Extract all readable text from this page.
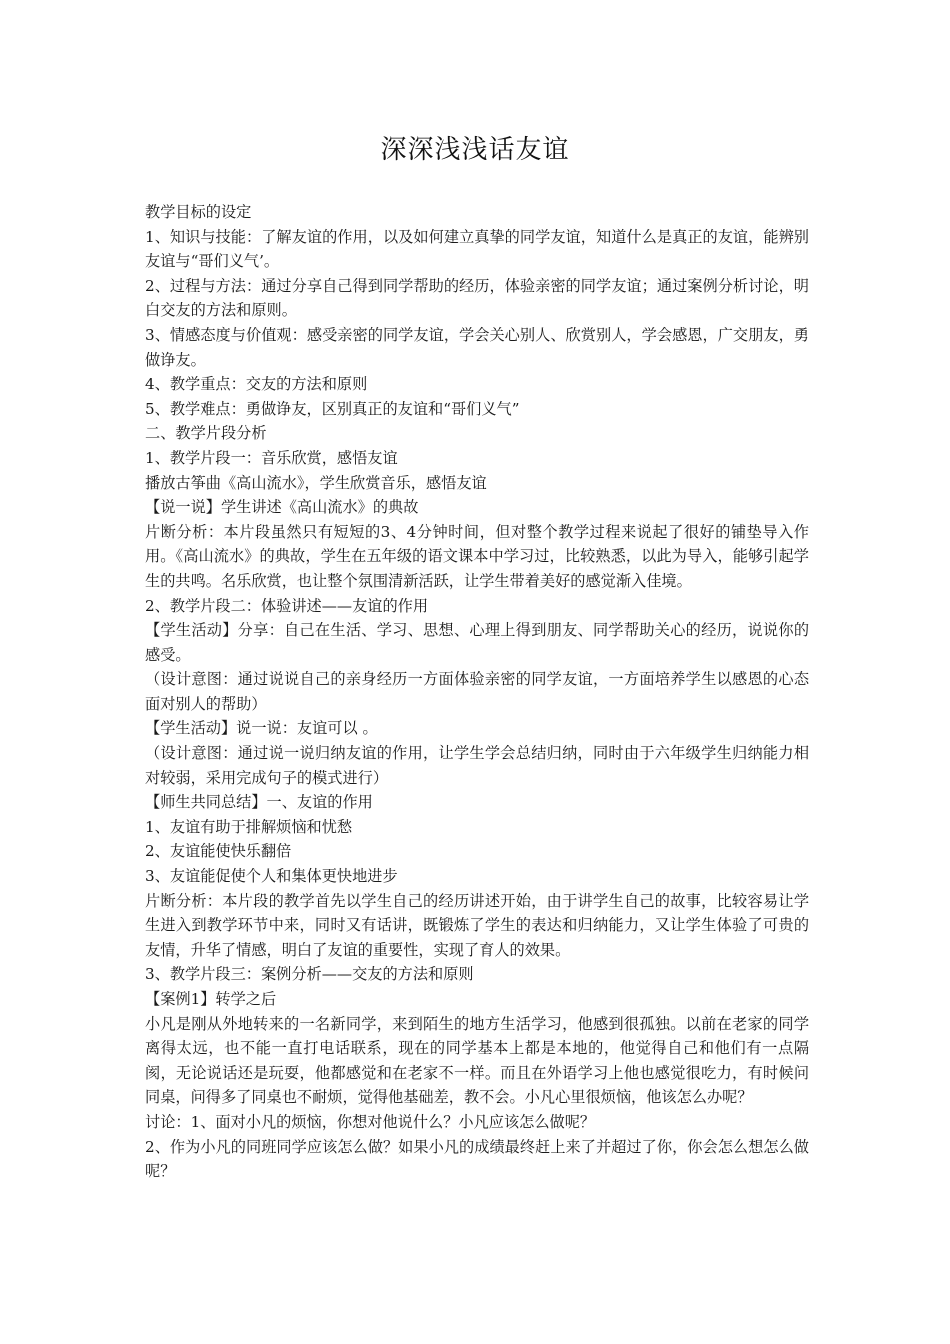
深深浅浅话友谊

教学目标的设定

1、知识与技能：了解友谊的作用，以及如何建立真挚的同学友谊，知道什么是真正的友谊，能辨别友谊与“哥们义气’。

2、过程与方法：通过分享自己得到同学帮助的经历，体验亲密的同学友谊；通过案例分析讨论，明白交友的方法和原则。

3、情感态度与价值观：感受亲密的同学友谊，学会关心别人、欣赏别人，学会感恩，广交朋友，勇做诤友。

4、教学重点：交友的方法和原则

5、教学难点：勇做诤友，区别真正的友谊和“哥们义气”

二、教学片段分析

1、教学片段一：音乐欣赏，感悟友谊

播放古筝曲《高山流水》，学生欣赏音乐，感悟友谊

【说一说】学生讲述《高山流水》的典故

片断分析：本片段虽然只有短短的3、4分钟时间，但对整个教学过程来说起了很好的铺垫导入作用。《高山流水》的典故，学生在五年级的语文课本中学习过，比较熟悉，以此为导入，能够引起学生的共鸣。名乐欣赏，也让整个氛围清新活跃，让学生带着美好的感觉渐入佳境。

2、教学片段二：体验讲述——友谊的作用

【学生活动】分享：自己在生活、学习、思想、心理上得到朋友、同学帮助关心的经历，说说你的感受。

（设计意图：通过说说自己的亲身经历一方面体验亲密的同学友谊，一方面培养学生以感恩的心态面对别人的帮助）

【学生活动】说一说：友谊可以 。

（设计意图：通过说一说归纳友谊的作用，让学生学会总结归纳，同时由于六年级学生归纳能力相对较弱，采用完成句子的模式进行）

【师生共同总结】一、友谊的作用

1、友谊有助于排解烦恼和忧愁

2、友谊能使快乐翻倍

3、友谊能促使个人和集体更快地进步

片断分析：本片段的教学首先以学生自己的经历讲述开始，由于讲学生自己的故事，比较容易让学生进入到教学环节中来，同时又有话讲，既锻炼了学生的表达和归纳能力，又让学生体验了可贵的友情，升华了情感，明白了友谊的重要性，实现了育人的效果。

3、教学片段三：案例分析——交友的方法和原则

【案例1】转学之后

小凡是刚从外地转来的一名新同学，来到陌生的地方生活学习，他感到很孤独。以前在老家的同学离得太远，也不能一直打电话联系，现在的同学基本上都是本地的，他觉得自己和他们有一点隔阂，无论说话还是玩耍，他都感觉和在老家不一样。而且在外语学习上他也感觉很吃力，有时候问同桌，问得多了同桌也不耐烦，觉得他基础差，教不会。小凡心里很烦恼，他该怎么办呢？

讨论：1、面对小凡的烦恼，你想对他说什么？小凡应该怎么做呢？

2、作为小凡的同班同学应该怎么做？如果小凡的成绩最终赶上来了并超过了你，你会怎么想怎么做呢？
